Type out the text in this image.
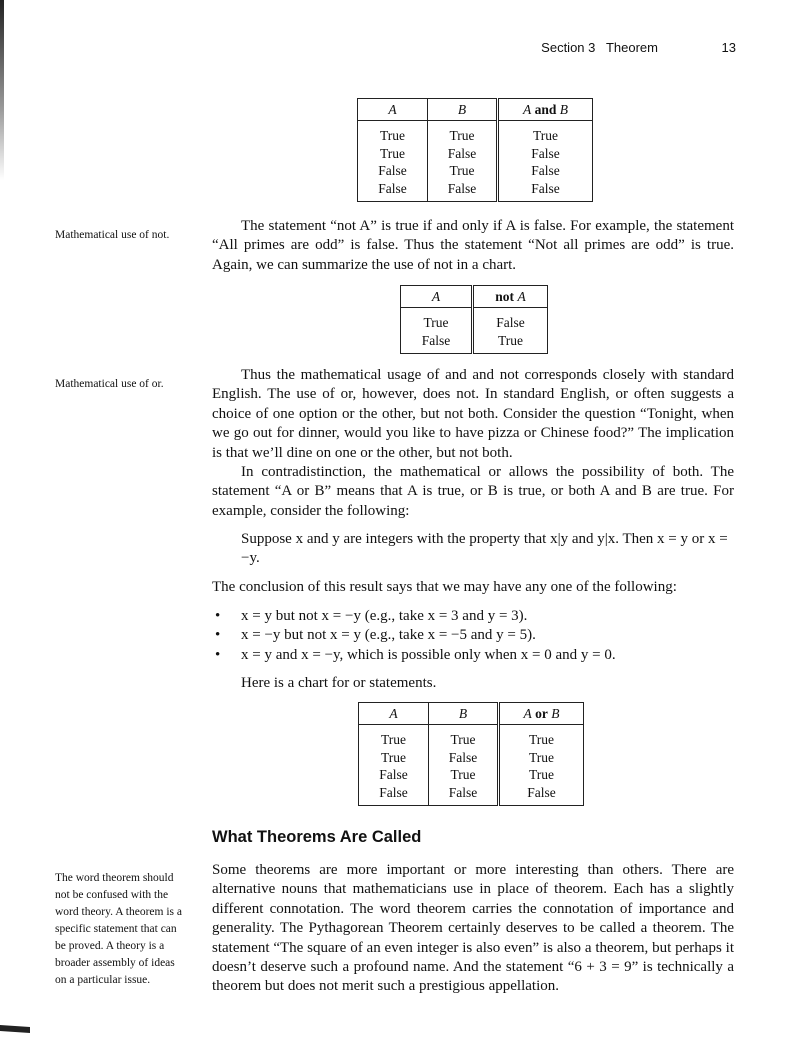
Section 3   Theorem	13
A	B	A and B
True	True	True
True	False	False
False	True	False
False	False	False
Mathematical use of not.

The statement “not A” is true if and only if A is false. For example, the statement “All primes are odd” is false. Thus the statement “Not all primes are odd” is true. Again, we can summarize the use of not in a chart.

A	not A
True	False
False	True
Mathematical use of or.

Thus the mathematical usage of and and not corresponds closely with standard English. The use of or, however, does not. In standard English, or often suggests a choice of one option or the other, but not both. Consider the question “Tonight, when we go out for dinner, would you like to have pizza or Chinese food?” The implication is that we’ll dine on one or the other, but not both.

In contradistinction, the mathematical or allows the possibility of both. The statement “A or B” means that A is true, or B is true, or both A and B are true. For example, consider the following:

Suppose x and y are integers with the property that x|y and y|x. Then x = y or x = −y.

The conclusion of this result says that we may have any one of the following:

• x = y but not x = −y (e.g., take x = 3 and y = 3).
• x = −y but not x = y (e.g., take x = −5 and y = 5).
• x = y and x = −y, which is possible only when x = 0 and y = 0.
Here is a chart for or statements.
A	B	A or B
True	True	True
True	False	True
False	True	True
False	False	False
What Theorems Are Called
The word theorem should not be confused with the word theory. A theorem is a specific statement that can be proved. A theory is a broader assembly of ideas on a particular issue.

Some theorems are more important or more interesting than others. There are alternative nouns that mathematicians use in place of theorem. Each has a slightly different connotation. The word theorem carries the connotation of importance and generality. The Pythagorean Theorem certainly deserves to be called a theorem. The statement “The square of an even integer is also even” is also a theorem, but perhaps it doesn’t deserve such a profound name. And the statement “6 + 3 = 9” is technically a theorem but does not merit such a prestigious appellation.
